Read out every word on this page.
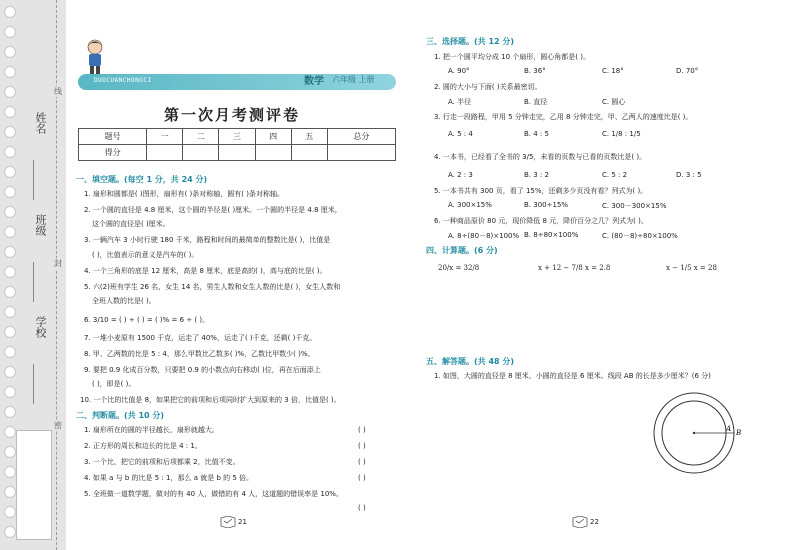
姓名
班级
学校
线
封
密
DUOCUANCHONGCI	数学 六年级 上册
第一次月考测评卷
题号	一	二	三	四	五	总分
得分						
一、填空题。(每空 1 分，共 24 分)
1. 扇形和圆都是( )图形，扇形有( )条对称轴，圆有( )条对称轴。
2. 一个圆的直径是 4.8 厘米，这个圆的半径是( )厘米。一个圆的半径是 4.8 厘米，
这个圆的直径是( )厘米。
3. 一辆汽车 3 小时行驶 180 千米，路程和时间的最简单的整数比是( )，比值是
( )，比值表示的意义是汽车的( )。
4. 一个三角形的底是 12 厘米，高是 8 厘米，底是高的( )，高与底的比是( )。
5. 六(2)班有学生 26 名，女生 14 名，男生人数和女生人数的比是( )，女生人数和
全班人数的比是( )。
6. 3/10 = ( ) ÷ ( ) = ( )% = 6 ÷ ( )。
7. 一堆小麦原有 1500 千克，运走了 40%，运走了( )千克，还剩( )千克。
8. 甲、乙两数的比是 5 : 4，那么甲数比乙数多( )%，乙数比甲数少( )%。
9. 要把 0.9 化成百分数，只要把 0.9 的小数点向右移动( )位，再在后面添上
( )，即是( )。
10. 一个比的比值是 8，如果把它的前项和后项同时扩大到原来的 3 倍，比值是( )。
二、判断题。(共 10 分)
1. 扇形所在的圆的半径越长，扇形就越大。	( )
2. 正方形的周长和边长的比是 4 : 1。	( )
3. 一个比，把它的前项和后项都乘 2，比值不变。	( )
4. 如果 a 与 b 的比是 5 : 1，那么 a 就是 b 的 5 倍。	( )
5. 全班做一道数学题，做对的有 40 人，做错的有 4 人，这道题的错误率是 10%。
( )
21
三、选择题。(共 12 分)
1. 把一个圆平均分成 10 个扇形，圆心角都是( )。
A. 90°	B. 36°	C. 18°	D. 70°
2. 圆的大小与下面( )关系最密切。
A. 半径	B. 直径	C. 圆心
3. 行走一段路程，甲用 5 分钟走完，乙用 8 分钟走完，甲、乙两人的速度比是( )。
A. 5 : 4	B. 4 : 5	C. 1/8 : 1/5
4. 一本书，已经看了全书的 3/5，未看的页数与已看的页数比是( )。
A. 2 : 3	B. 3 : 2	C. 5 : 2	D. 3 : 5
5. 一本书共有 300 页，看了 15%，还剩多少页没有看？列式为( )。
A. 300×15%	B. 300÷15%	C. 300－300×15%
6. 一种商品原价 80 元，现价降低 8 元，降价百分之几？列式为( )。
A. 8÷(80－8)×100% B. 8÷80×100%	C. (80－8)÷80×100%
四、计算题。(6 分)
20/x = 32/8	x + 12 − 7/8 x = 2.8	x − 1/5 x = 28
五、解答题。(共 48 分)
1. 如图，大圆的直径是 8 厘米，小圆的直径是 6 厘米。线段 AB 的长是多少厘米？(6 分)
A B
22
